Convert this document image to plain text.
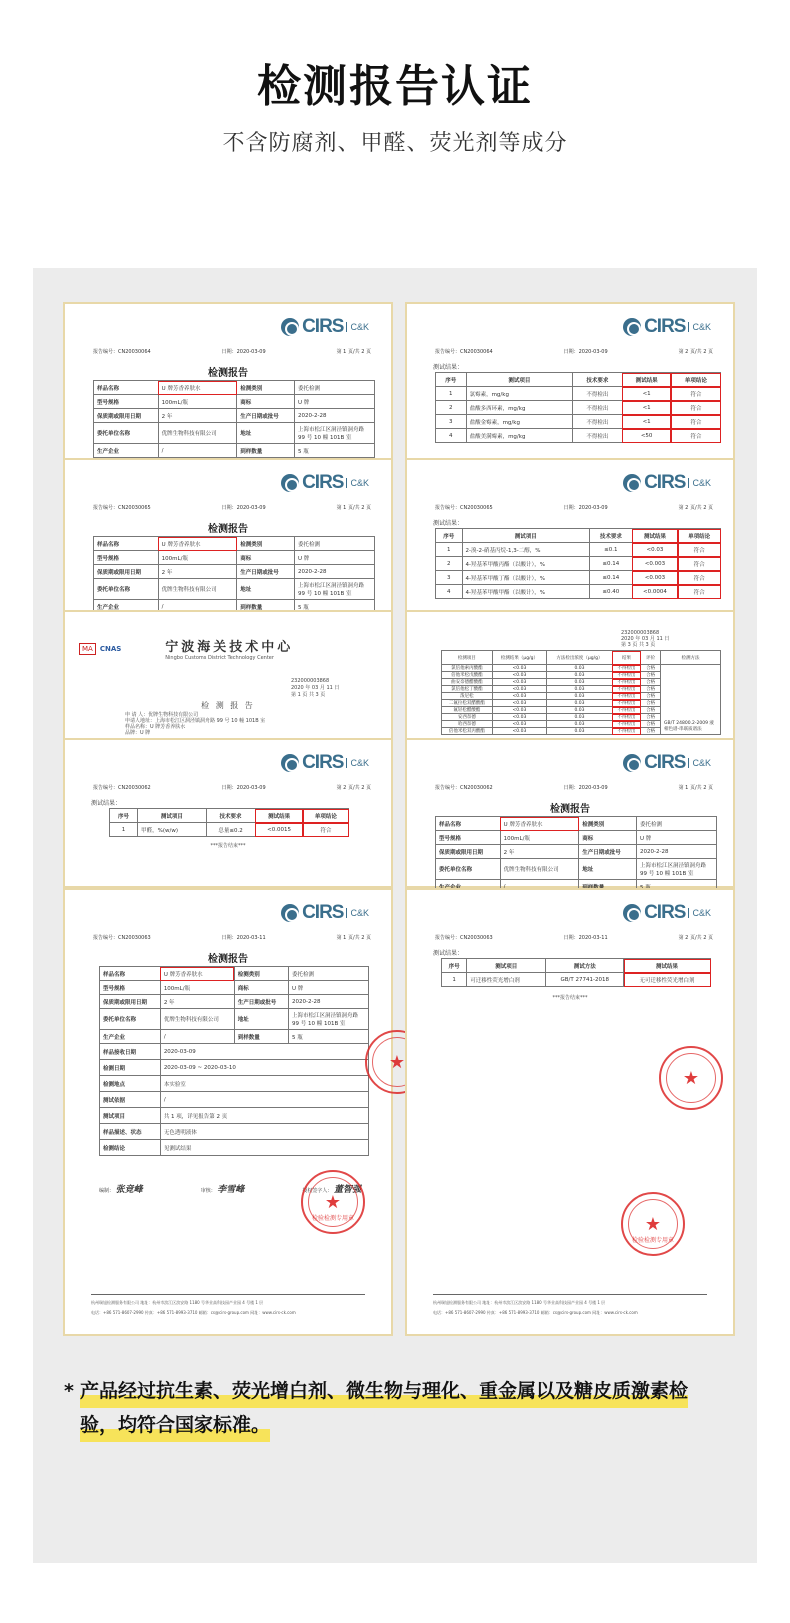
检测报告认证
不含防腐剂、甲醛、荧光剂等成分
CIRS C&K
报告编号：CN20030064	日期：2020-03-09	第 1 页/共 2 页
检测报告
样品名称	U 牌芳香养肤水	检测类别	委托检测
型号规格	100mL/瓶	商标	U 牌
保质期或限用日期	2 年	生产日期或批号	2020-2-28
委托单位名称	优牌生物科技有限公司	地址	上海市松江区洞泾镇洞舟路 99 号 10 幢 101B 室
生产企业	/	到样数量	5 瓶
CIRS C&K
报告编号：CN20030064	日期：2020-03-09	第 2 页/共 2 页
测试结果：
序号	测试项目	技术要求	测试结果	单项结论
1	氯霉素，mg/kg	不得检出	<1	符合
2	盐酸多西环素，mg/kg	不得检出	<1	符合
3	盐酸金霉素，mg/kg	不得检出	<1	符合
4	盐酸美满霉素，mg/kg	不得检出	<50	符合
CIRS C&K
报告编号：CN20030065	日期：2020-03-09	第 1 页/共 2 页
检测报告
样品名称	U 牌芳香养肤水	检测类别	委托检测
型号规格	100mL/瓶	商标	U 牌
保质期或限用日期	2 年	生产日期或批号	2020-2-28
委托单位名称	优牌生物科技有限公司	地址	上海市松江区洞泾镇洞舟路 99 号 10 幢 101B 室
生产企业	/	到样数量	5 瓶
CIRS C&K
报告编号：CN20030065	日期：2020-03-09	第 2 页/共 2 页
测试结果：
序号	测试项目	技术要求	测试结果	单项结论
1	2-溴-2-硝基丙烷-1,3-二醇，%	≤0.1	<0.03	符合
2	4-羟基苯甲酸丙酯（以酸计），%	≤0.14	<0.003	符合
3	4-羟基苯甲酸丁酯（以酸计），%	≤0.14	<0.003	符合
4	4-羟基苯甲酸甲酯（以酸计），%	≤0.40	<0.0004	符合
MA	CNAS	宁波海关技术中心
Ningbo Customs District Technology Center
232000003868
2020 年 03 月 11 日
第 1 页 共 3 页
检 测 报 告
申 请 人：优牌生物科技有限公司
申请人地址：上海市松江区洞泾镇洞舟路 99 号 10 幢 101B 室
样品名称：U 牌芳香养肤水
品牌：U 牌
232000003868
2020 年 03 月 11 日
第 3 页 共 3 页
检测项目	检测结果（μg/g）	方法检出浓度（μg/g）	结果	评价	检测方法
氯倍他索丙酸酯	<0.03	0.03	不得检出	合格	GB/T 24800.2-2009 液相色谱-串联质谱法
倍他米松戊酸酯	<0.03	0.03	不得检出	合格	
曲安奈德醋酸酯	<0.03	0.03	不得检出	合格	
氯倍他松丁酸酯	<0.03	0.03	不得检出	合格	
泼尼松	<0.03	0.03	不得检出	合格	
二氟拉松双醋酸酯	<0.03	0.03	不得检出	合格	
氟轻松醋酸酯	<0.03	0.03	不得检出	合格	
安西奈德	<0.03	0.03	不得检出	合格	
哈西奈德	<0.03	0.03	不得检出	合格	
倍他米松双丙酸酯	<0.03	0.03	不得检出	合格	
CIRS C&K
报告编号：CN20030062	日期：2020-03-09	第 2 页/共 2 页
测试结果：
序号	测试项目	技术要求	测试结果	单项结论
1	甲醛，%(w/w)	总量≤0.2	<0.0015	符合
***报告结束***
CIRS C&K
报告编号：CN20030062	日期：2020-03-09	第 1 页/共 2 页
检测报告
样品名称	U 牌芳香养肤水	检测类别	委托检测
型号规格	100mL/瓶	商标	U 牌
保质期或限用日期	2 年	生产日期或批号	2020-2-28
委托单位名称	优牌生物科技有限公司	地址	上海市松江区洞泾镇洞舟路 99 号 10 幢 101B 室
	/		
CIRS C&K
报告编号：CN20030063	日期：2020-03-11	第 1 页/共 2 页
检测报告
样品名称	U 牌芳香养肤水	检测类别	委托检测
型号规格	100mL/瓶	商标	U 牌
保质期或限用日期	2 年	生产日期或批号	2020-2-28
委托单位名称	优牌生物科技有限公司	地址	上海市松江区洞泾镇洞舟路 99 号 10 幢 101B 室
生产企业	/	到样数量	5 瓶
样品接收日期	2020-03-09		
检测日期	2020-03-09 ~ 2020-03-10		
检测地点	本实验室		
测试依据	/		
测试项目	共 1 项，详见报告第 2 页		
样品描述、状态	无色透明液体		
检测结论	见测试结果		
编制： 张竞峰	审核： 李雪峰	授权签字人： 董智强
★
检验检测专用章
★
杭州瑞旭检测服务有限公司 地址：杭州市滨江区滨安路 1180 号华业高科技园产业园 4 号楼 1 层
电话：+86 571-8607-2990 传真：+86 571-8993-3710 邮箱：cs@cirs-group.com 网址：www.cirs-ck.com
CIRS C&K
报告编号：CN20030063	日期：2020-03-11	第 2 页/共 2 页
测试结果：
序号	测试项目	测试方法	测试结果
1	可迁移性荧光增白剂	GB/T 27741-2018	无可迁移性荧光增白剂
***报告结束***
★
★
检验检测专用章
杭州瑞旭检测服务有限公司 地址：杭州市滨江区滨安路 1180 号华业高科技园产业园 4 号楼 1 层
电话：+86 571-8607-2990 传真：+86 571-8993-3710 邮箱：cs@cirs-group.com 网址：www.cirs-ck.com
* 产品经过抗生素、荧光增白剂、微生物与理化、重金属以及糖皮质激素检
验，均符合国家标准。
